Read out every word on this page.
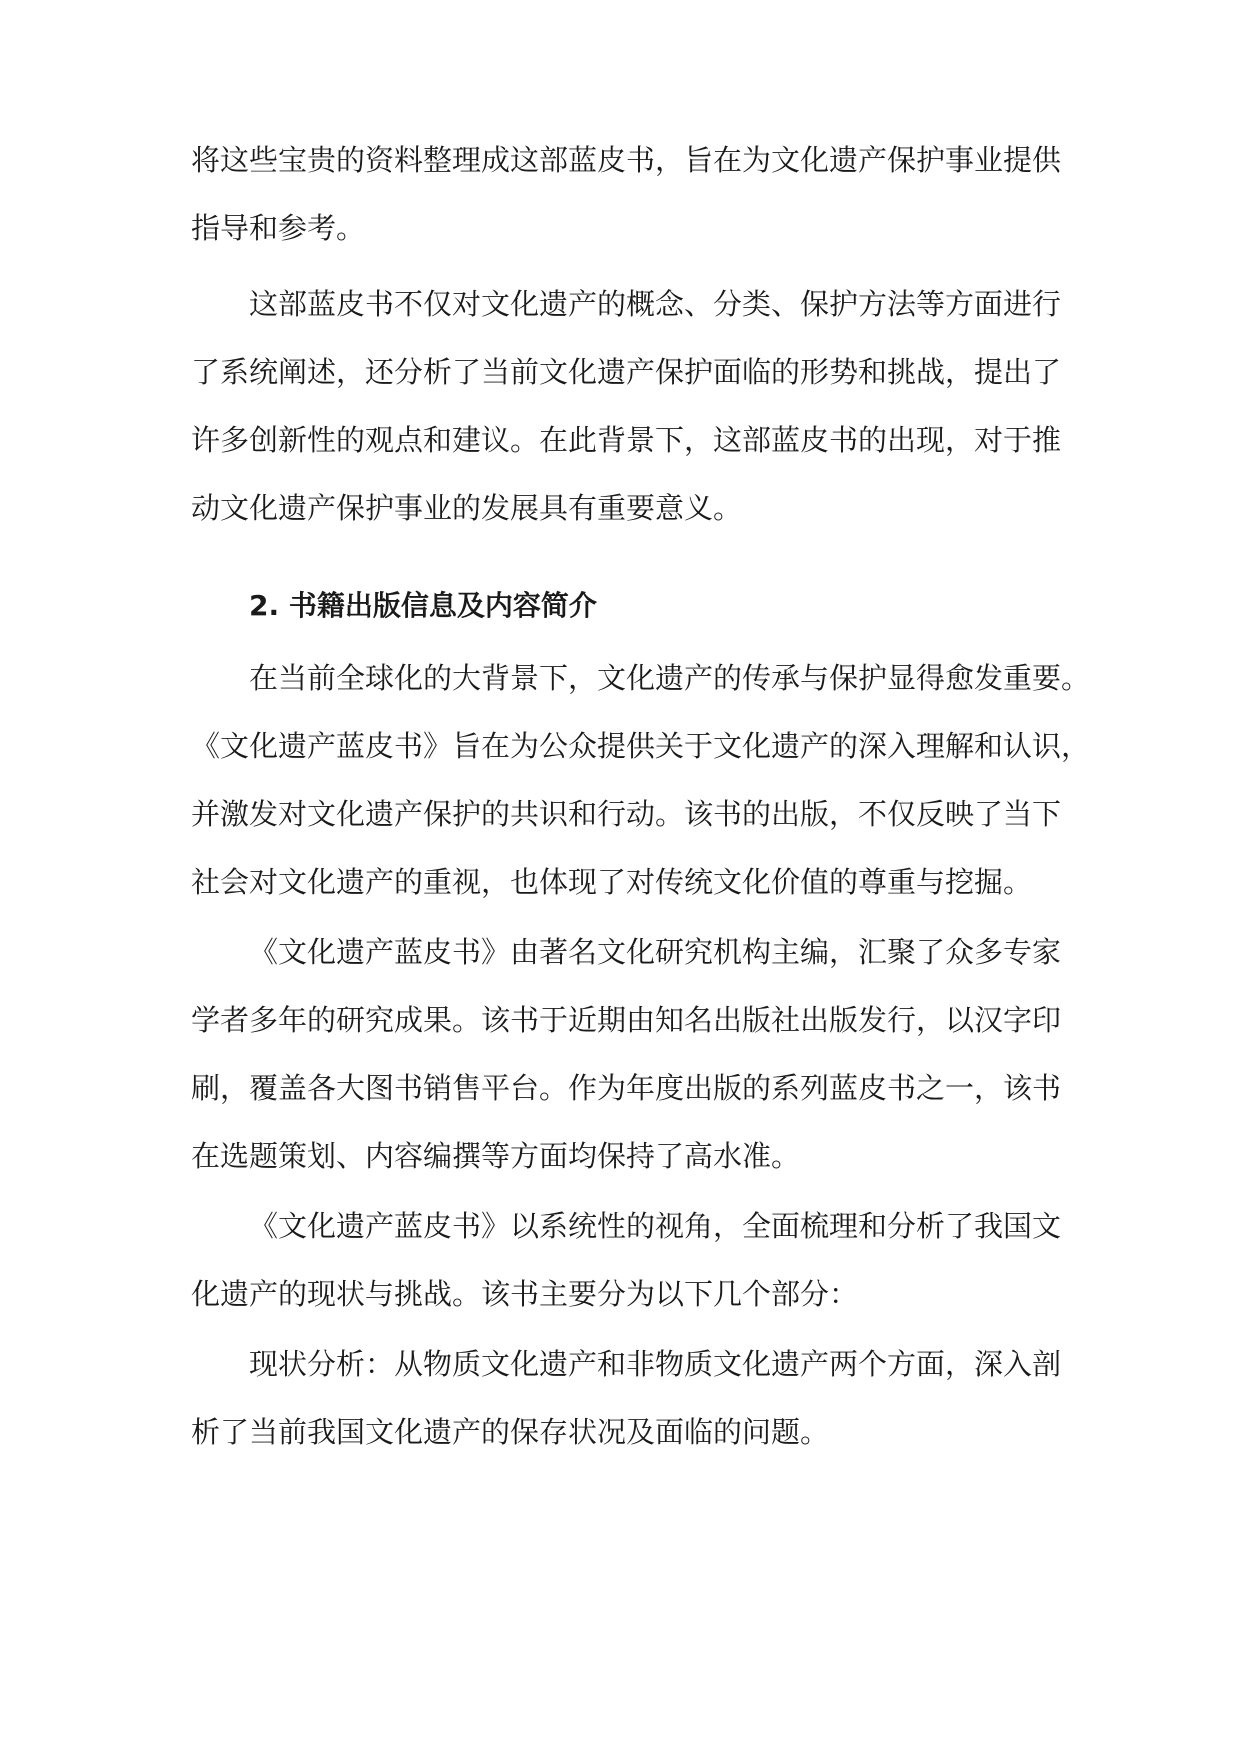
将这些宝贵的资料整理成这部蓝皮书，旨在为文化遗产保护事业提供
指导和参考。
这部蓝皮书不仅对文化遗产的概念、分类、保护方法等方面进行
了系统阐述，还分析了当前文化遗产保护面临的形势和挑战，提出了
许多创新性的观点和建议。在此背景下，这部蓝皮书的出现，对于推
动文化遗产保护事业的发展具有重要意义。
2. 书籍出版信息及内容简介
在当前全球化的大背景下，文化遗产的传承与保护显得愈发重要。
《文化遗产蓝皮书》旨在为公众提供关于文化遗产的深入理解和认识，
并激发对文化遗产保护的共识和行动。该书的出版，不仅反映了当下
社会对文化遗产的重视，也体现了对传统文化价值的尊重与挖掘。
《文化遗产蓝皮书》由著名文化研究机构主编，汇聚了众多专家
学者多年的研究成果。该书于近期由知名出版社出版发行，以汉字印
刷，覆盖各大图书销售平台。作为年度出版的系列蓝皮书之一，该书
在选题策划、内容编撰等方面均保持了高水准。
《文化遗产蓝皮书》以系统性的视角，全面梳理和分析了我国文
化遗产的现状与挑战。该书主要分为以下几个部分：
现状分析：从物质文化遗产和非物质文化遗产两个方面，深入剖
析了当前我国文化遗产的保存状况及面临的问题。
